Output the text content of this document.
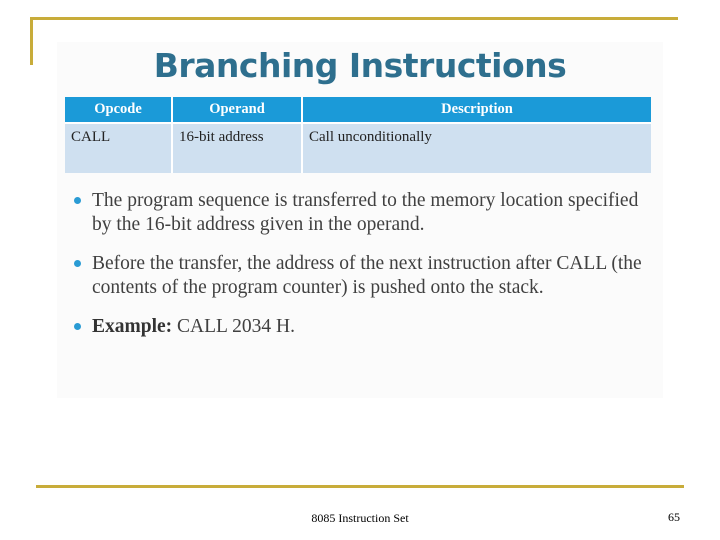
Branching Instructions
Opcode	Operand	Description
CALL	16-bit address	Call unconditionally
The program sequence is transferred to the memory location specified by the 16-bit address given in the operand.
Before the transfer, the address of the next instruction after CALL (the contents of the program counter) is pushed onto the stack.
Example: CALL 2034 H.
8085 Instruction Set	65
